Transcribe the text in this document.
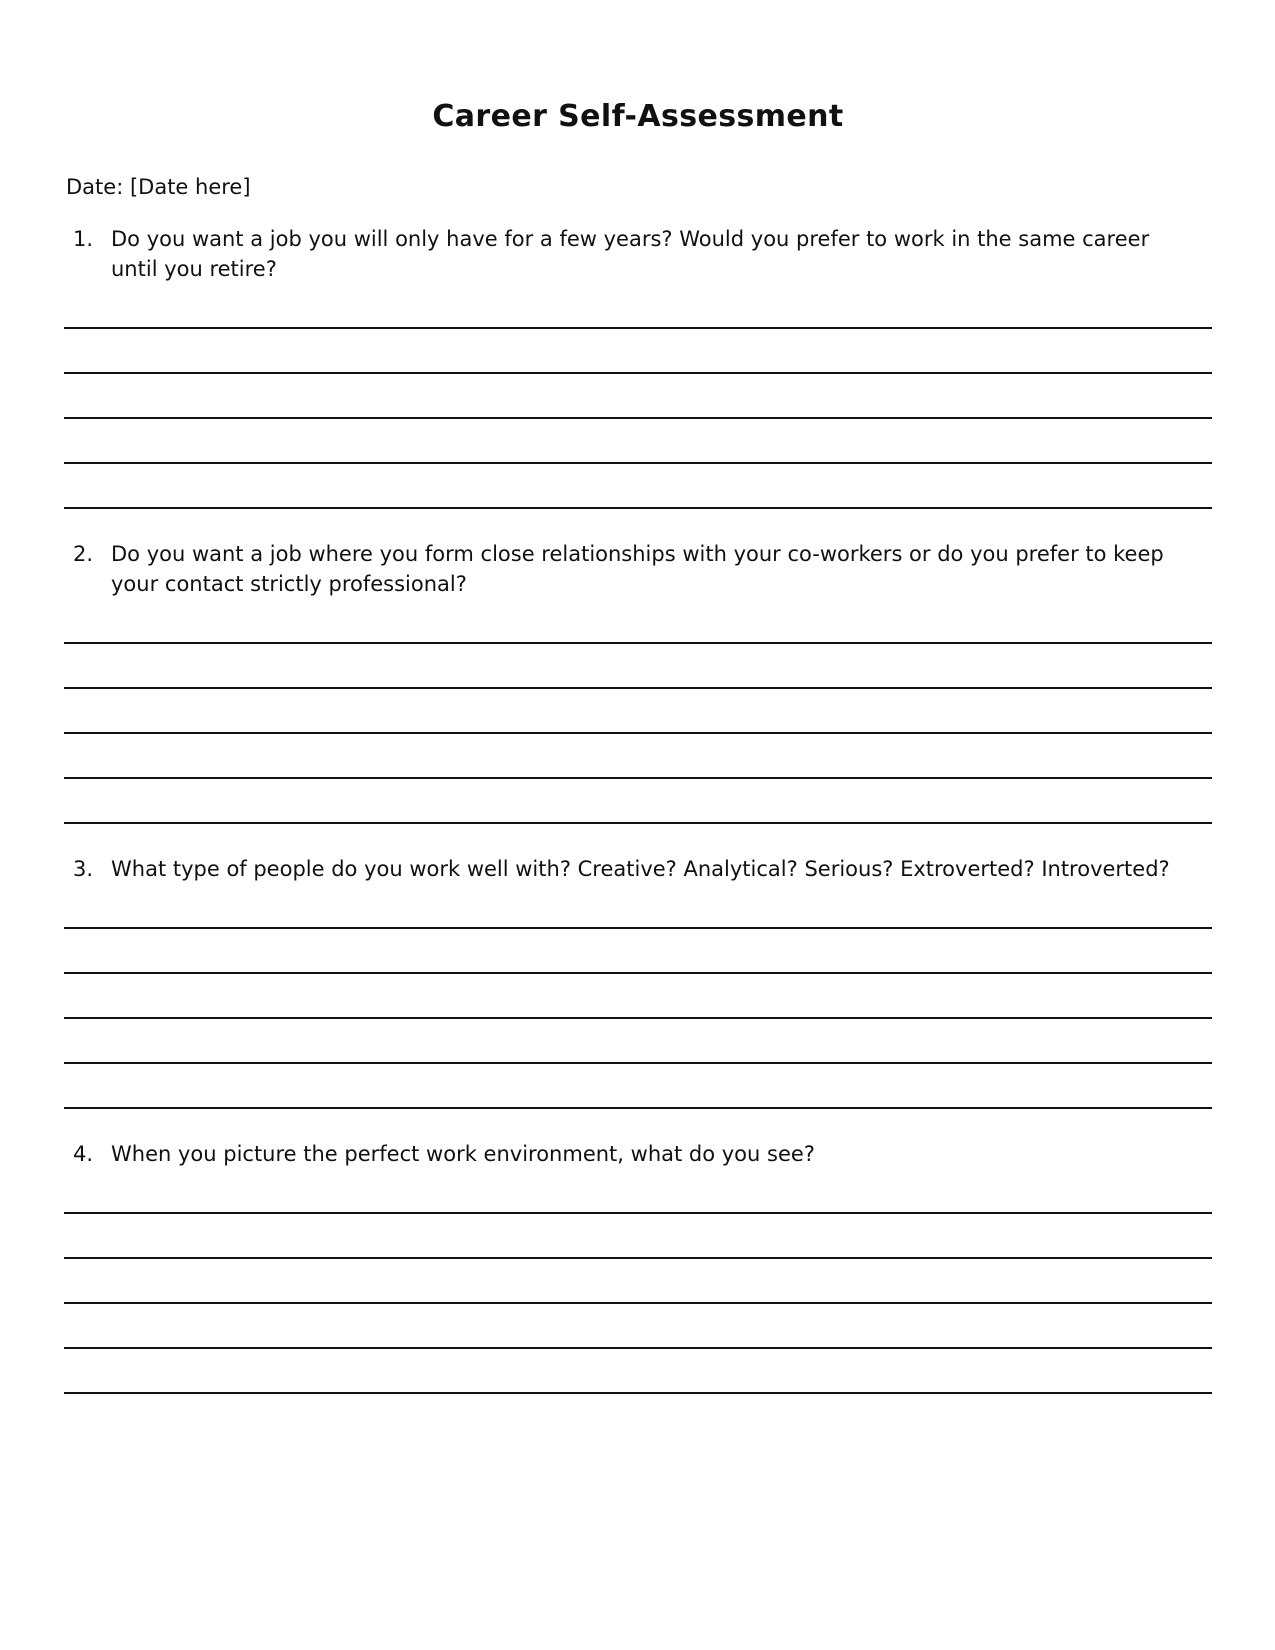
Career Self-Assessment

Date: [Date here]

1. Do you want a job you will only have for a few years? Would you prefer to work in the same career until you retire?
2. Do you want a job where you form close relationships with your co-workers or do you prefer to keep your contact strictly professional?
3. What type of people do you work well with? Creative? Analytical? Serious? Extroverted? Introverted?
4. When you picture the perfect work environment, what do you see?
